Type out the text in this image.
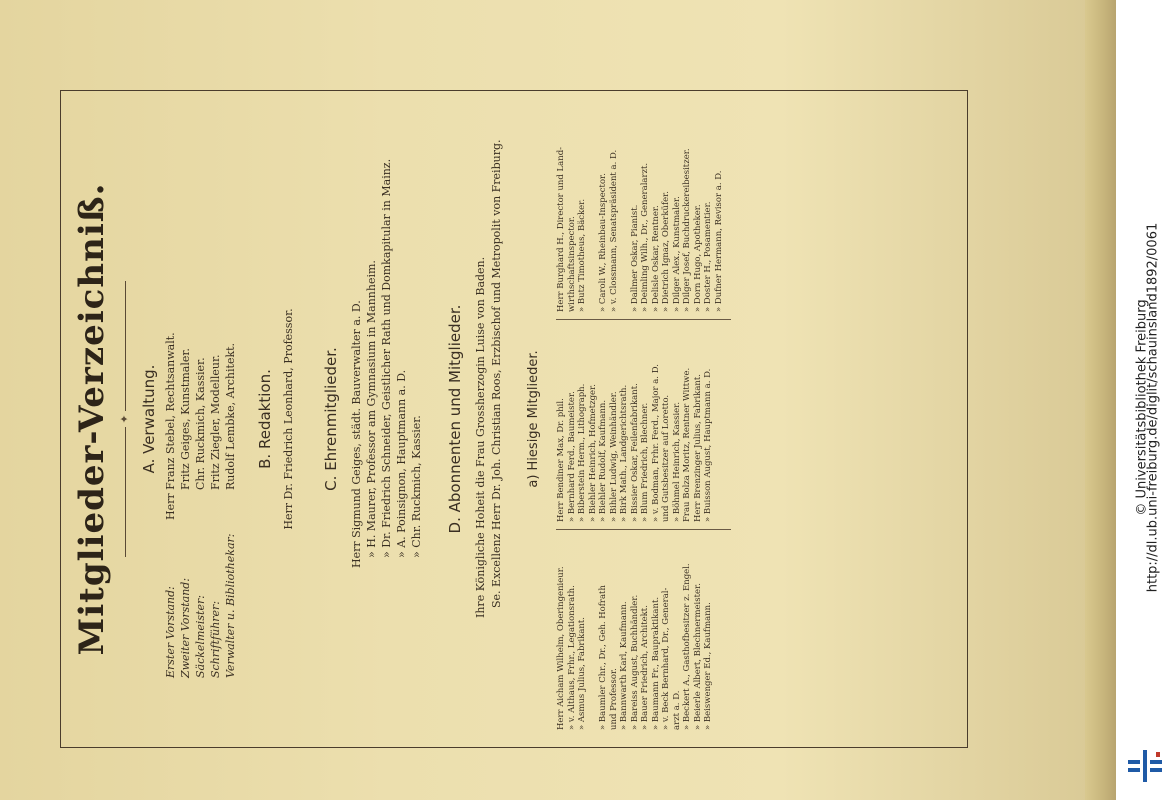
http://dl.ub.uni-freiburg.de/diglit/schauinsland1892/0061
© Universitätsbibliothek Freiburg
Mitglieder-Verzeichniß. ✦ A. Verwaltung.
Erster Vorstand:
Herr Franz Stebel, Rechtsanwalt.
Zweiter Vorstand:
Fritz Geiges, Kunstmaler.
Säckelmeister:
Chr. Ruckmich, Kassier.
Schriftführer:
Fritz Ziegler, Modelleur.
Verwalter u. Bibliothekar:
Rudolf Lembke, Architekt. B. Redaktion. Herr Dr. Friedrich Leonhard, Professor. C. Ehrenmitglieder. Herr Sigmund Geiges, städt. Bauverwalter a. D. » H. Maurer, Professor am Gymnasium in Mannheim. » Dr. Friedrich Schneider, Geistlicher Rath und Domkapitular in Mainz. » A. Poinsignon, Hauptmann a. D. » Chr. Ruckmich, Kassier. D. Abonnenten und Mitglieder. Ihre Königliche Hoheit die Frau Grossherzogin Luise von Baden. Se. Excellenz Herr Dr. Joh. Christian Roos, Erzbischof und Metropolit von Freiburg. a) Hiesige Mitglieder.
Herr Aicham Wilhelm, Oberingenieur. » v. Althaus, Frhr., Legationsrath. » Asmus Julius, Fabrikant.
» Baumler Chr., Dr., Geh. Hofrath und Professor. » Bannwarth Karl, Kaufmann. » Bareiss August, Buchhändler. » Bauer Friedrich, Architekt. » Baumann Fr., Baupraktikant. » v. Beck Bernhard, Dr., General- arzt a. D. » Beckert A., Gasthofbesitzer z. Engel. » Beierle Albert, Blechnermeister. » Beiswenger Ed., Kaufmann.
Herr Bendiner Max, Dr. phil. » Bernhard Ferd., Baumeister. » Biberstein Herm., Lithograph. » Biehler Heinrich, Hofmetzger. » Biehler Rudolf, Kaufmann. » Bihler Ludwig, Weinhändler. » Birk Math., Landgerichtsrath. » Bissier Oskar, Feilenfabrikant. » Blum Friedrich, Blechner. » v. Bodman, Frhr. Ferd., Major a. D. und Gutsbesitzer auf Loretto. » Böhmel Heinrich, Kassier. Frau Bolza Moritz, Rentner Wittwe. Herr Brenzinger Julius, Fabrikant. » Buisson August, Hauptmann a. D.
Herr Burghard H., Director und Land- wirthschaftsinspector. » Butz Timotheus, Bäcker.
» Caroli W., Rheinbau-Inspector. » v. Clossmann, Senatspräsident a. D.
» Dallmer Oskar, Pianist. » Deimling Wilh., Dr., Generalarzt. » Delisle Oskar, Rentner. » Dietrich Ignaz, Oberküfer. » Dilger Alex., Kunstmaler. » Dilger Josef, Buchdruckereibesitzer. » Dorn Hugo, Apotheker. » Doster H., Posamentier. » Dufner Hermann, Revisor a. D.
